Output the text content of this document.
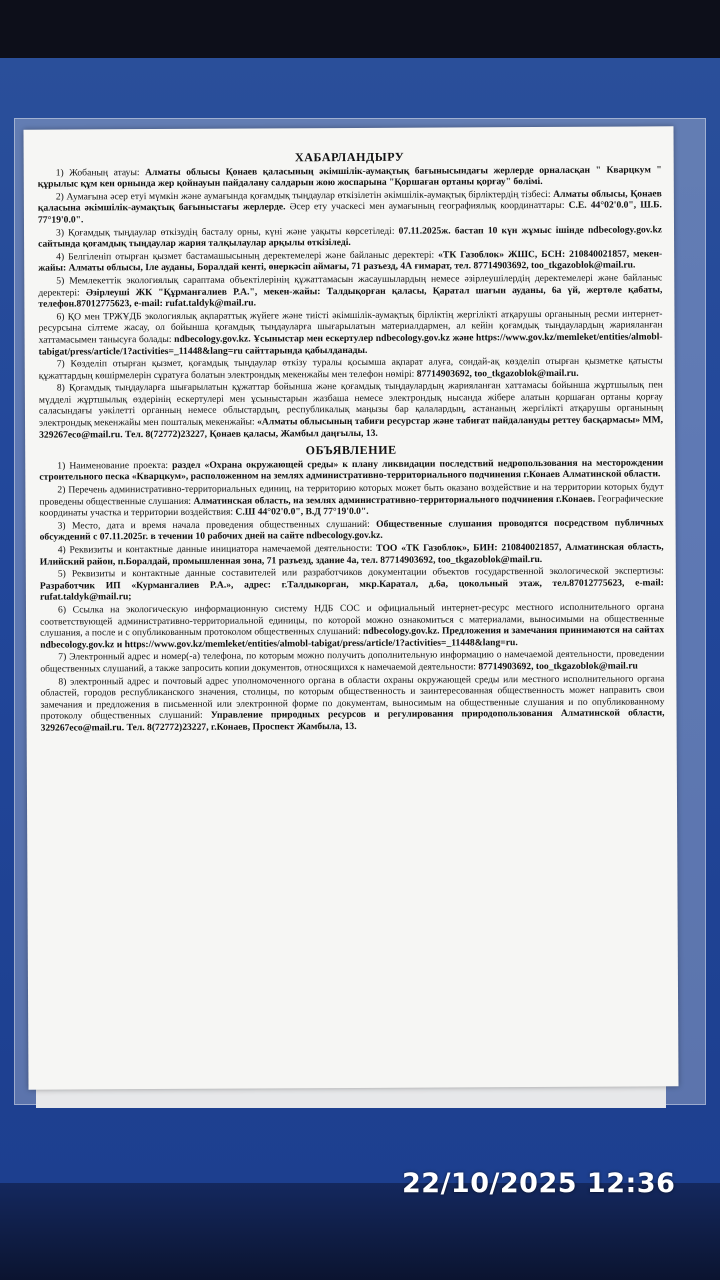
ХАБАРЛАНДЫРУ

1) Жобаның атауы: Алматы облысы Қонаев қаласының әкімшілік-аумақтық бағынысындағы жерлерде орналасқан " Кварцкум " құрылыс құм кен орнында жер қойнауын пайдалану салдарын жою жоспарына "Қоршаған ортаны қорғау" бөлімі.

2) Аумағына әсер етуі мүмкін және аумағында қоғамдық тыңдаулар өткізілетін әкімшілік-аумақтық бірліктердің тізбесі: Алматы облысы, Қонаев қаласына әкімшілік-аумақтық бағыныстағы жерлерде. Әсер ету учаскесі мен аумағының географиялық координаттары: С.Е. 44°02'0.0", Ш.Б. 77°19'0.0".

3) Қоғамдық тыңдаулар өткізудің басталу орны, күні және уақыты көрсетіледі: 07.11.2025ж. бастап 10 күн жұмыс ішінде ndbecology.gov.kz сайтында қоғамдық тыңдаулар жария талқылаулар арқылы өткізіледі.

4) Белгіленіп отырған қызмет бастамашысының деректемелері және байланыс деректері: «ТК Газоблок» ЖШС, БСН: 210840021857, мекен-жайы: Алматы облысы, Іле ауданы, Боралдай кенті, өнеркәсіп аймағы, 71 разъезд, 4А ғимарат, тел. 87714903692, too_tkgazoblok@mail.ru.

5) Мемлекеттік экологиялық сараптама объектілерінің құжаттамасын жасаушылардың немесе әзірлеушілердің деректемелері және байланыс деректері: Әзірлеуші ЖК "Құрманғалиев Р.А.", мекен-жайы: Талдықорған қаласы, Қаратал шағын ауданы, 6а үй, жертөле қабаты, телефон.87012775623, e-mail: rufat.taldyk@mail.ru.

6) ҚО мен ТРЖҰДБ экологиялық ақпараттық жүйеге және тиісті әкімшілік-аумақтық бірліктің жергілікті атқарушы органының ресми интернет-ресурсына сілтеме жасау, ол бойынша қоғамдық тыңдауларға шығарылатын материалдармен, ал кейін қоғамдық тыңдаулардың жарияланған хаттамасымен танысуға болады: ndbecology.gov.kz. Ұсыныстар мен ескертулер ndbecology.gov.kz және https://www.gov.kz/memleket/entities/almobl-tabigat/press/article/1?activities=_11448&lang=ru сайттарында қабылданады.

7) Көзделіп отырған қызмет, қоғамдық тыңдаулар өткізу туралы қосымша ақпарат алуға, сондай-ақ көзделіп отырған қызметке қатысты құжаттардың көшірмелерін сұратуға болатын электрондық мекенжайы мен телефон нөмірі: 87714903692, too_tkgazoblok@mail.ru.

8) Қоғамдық тыңдауларға шығарылатын құжаттар бойынша және қоғамдық тыңдаулардың жарияланған хаттамасы бойынша жұртшылық пен мүдделі жұртшылық өздерінің ескертулері мен ұсыныстарын жазбаша немесе электрондық нысанда жібере алатын қоршаған ортаны қорғау саласындағы уәкілетті органның немесе облыстардың, республикалық маңызы бар қалалардың, астананың жергілікті атқарушы органының электрондық мекенжайы мен пошталық мекенжайы: «Алматы облысының табиғи ресурстар және табиғат пайдалануды реттеу басқармасы» ММ, 329267eco@mail.ru. Тел. 8(72772)23227, Қонаев қаласы, Жамбыл даңғылы, 13.

ОБЪЯВЛЕНИЕ

1) Наименование проекта: раздел «Охрана окружающей среды» к плану ликвидации последствий недропользования на месторождении строительного песка «Кварцкум», расположенном на землях административно-территориального подчинения г.Конаев Алматинской области.

2) Перечень административно-территориальных единиц, на территорию которых может быть оказано воздействие и на территории которых будут проведены общественные слушания: Алматинская область, на землях административно-территориального подчинения г.Конаев. Географические координаты участка и территории воздействия: С.Ш 44°02'0.0", В.Д 77°19'0.0".

3) Место, дата и время начала проведения общественных слушаний: Общественные слушания проводятся посредством публичных обсуждений с 07.11.2025г. в течении 10 рабочих дней на сайте ndbecology.gov.kz.

4) Реквизиты и контактные данные инициатора намечаемой деятельности: ТОО «ТК Газоблок», БИН: 210840021857, Алматинская область, Илийский район, п.Боралдай, промышленная зона, 71 разъезд, здание 4а, тел. 87714903692, too_tkgazoblok@mail.ru.

5) Реквизиты и контактные данные составителей или разработчиков документации объектов государственной экологической экспертизы: Разработчик ИП «Курмангалиев Р.А.», адрес: г.Талдыкорган, мкр.Каратал, д.6а, цокольный этаж, тел.87012775623, e-mail: rufat.taldyk@mail.ru;

6) Ссылка на экологическую информационную систему НДБ СОС и официальный интернет-ресурс местного исполнительного органа соответствующей административно-территориальной единицы, по которой можно ознакомиться с материалами, выносимыми на общественные слушания, а после и с опубликованным протоколом общественных слушаний: ndbecology.gov.kz. Предложения и замечания принимаются на сайтах ndbecology.gov.kz и https://www.gov.kz/memleket/entities/almobl-tabigat/press/article/1?activities=_11448&lang=ru.

7) Электронный адрес и номер(-а) телефона, по которым можно получить дополнительную информацию о намечаемой деятельности, проведении общественных слушаний, а также запросить копии документов, относящихся к намечаемой деятельности: 87714903692, too_tkgazoblok@mail.ru

8) электронный адрес и почтовый адрес уполномоченного органа в области охраны окружающей среды или местного исполнительного органа областей, городов республиканского значения, столицы, по которым общественность и заинтересованная общественность может направить свои замечания и предложения в письменной или электронной форме по документам, выносимым на общественные слушания и по опубликованному протоколу общественных слушаний: Управление природных ресурсов и регулирования природопользования Алматинской области, 329267eco@mail.ru. Тел. 8(72772)23227, г.Конаев, Проспект Жамбыла, 13.

22/10/2025 12:36
